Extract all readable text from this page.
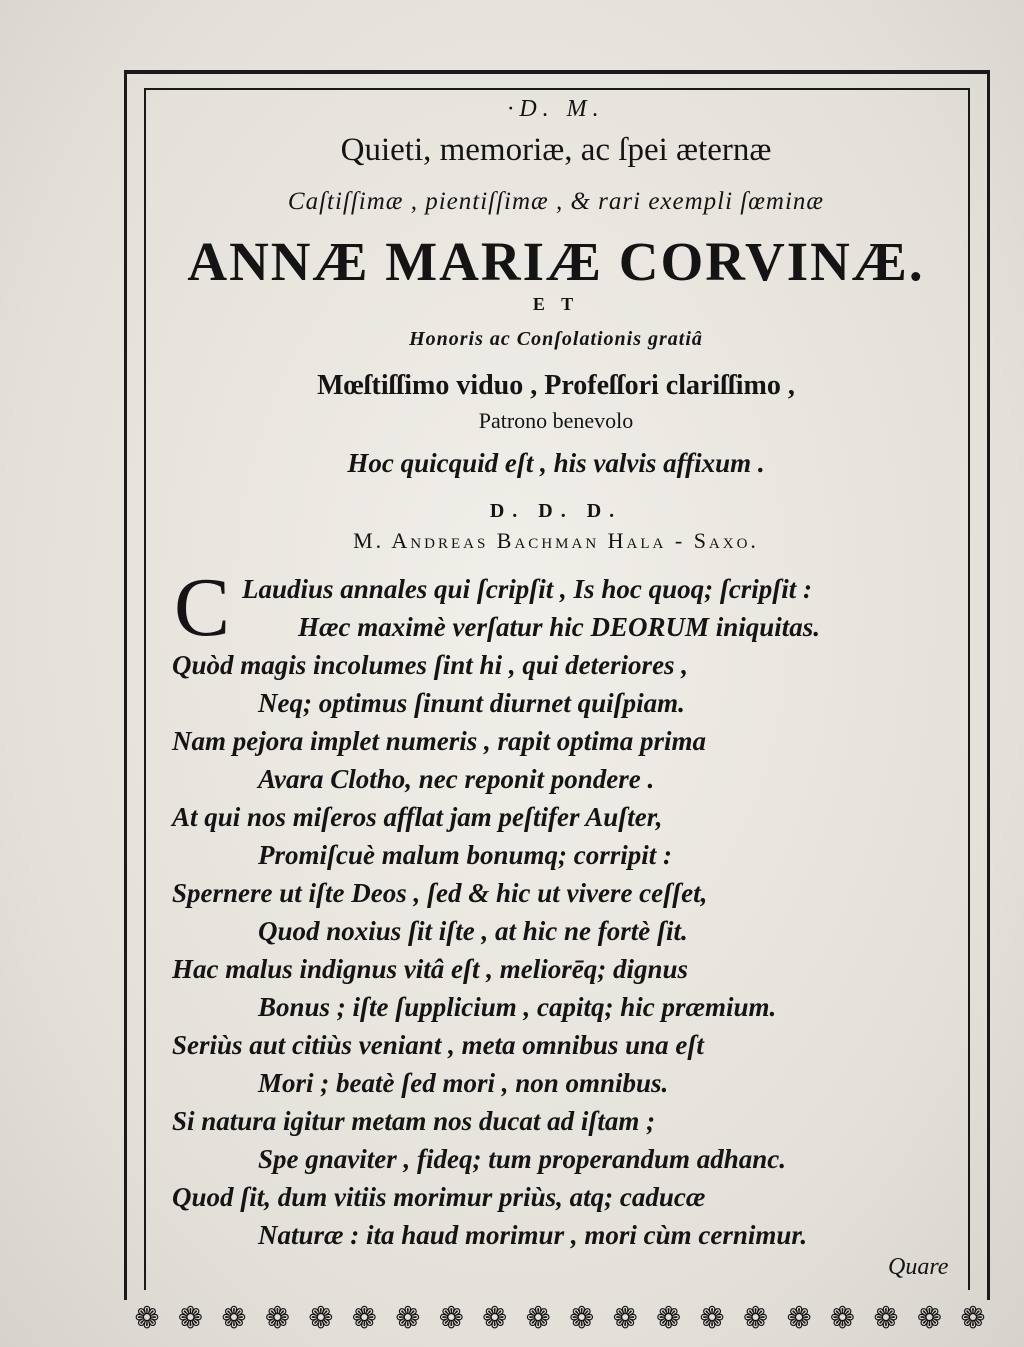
·D. M.
Quieti, memoriæ, ac ſpei æternæ
Caſtiſſimæ , pientiſſimæ , & rari exempli ſœminæ
ANNÆ MARIÆ CORVINÆ.
E T
Honoris ac Conſolationis gratiâ
Mœſtiſſimo viduo , Profeſſori clariſſimo ,
Patrono benevolo
Hoc quicquid eſt , his valvis affixum .
D. D. D.
M. Andreas Bachman Hala - Saxo.
C Laudius annales qui ſcripſit , Is hoc quoq; ſcripſit :
Hæc maximè verſatur hic DEORUM iniquitas.
Quòd magis incolumes ſint hi , qui deteriores ,
Neq; optimus ſinunt diurnet quiſpiam.
Nam pejora implet numeris , rapit optima prima
Avara Clotho, nec reponit pondere .
At qui nos miſeros afflat jam peſtifer Auſter,
Promiſcuè malum bonumq; corripit :
Spernere ut iſte Deos , ſed & hic ut vivere ceſſet,
Quod noxius ſit iſte , at hic ne fortè ſit.
Hac malus indignus vitâ eſt , meliorēq; dignus
Bonus ; iſte ſupplicium , capitq; hic præmium.
Seriùs aut citiùs veniant , meta omnibus una eſt
Mori ; beatè ſed mori , non omnibus.
Si natura igitur metam nos ducat ad iſtam ;
Spe gnaviter , fideq; tum properandum adhanc.
Quod ſit, dum vitiis morimur priùs, atq; caducæ
Naturæ : ita haud morimur , mori cùm cernimur.
Quare
❁ ❁ ❁ ❁ ❁ ❁ ❁ ❁ ❁ ❁ ❁ ❁ ❁ ❁ ❁ ❁ ❁ ❁ ❁ ❁
